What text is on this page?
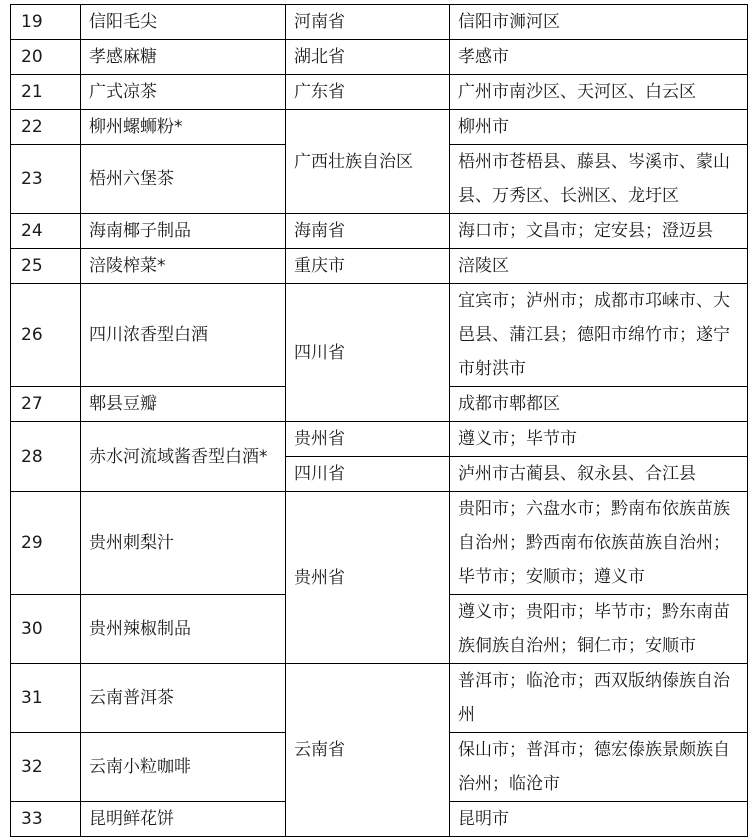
19	信阳毛尖	河南省	信阳市浉河区
20	孝感麻糖	湖北省	孝感市
21	广式凉茶	广东省	广州市南沙区、天河区、白云区
22	柳州螺蛳粉*	广西壮族自治区	柳州市
23	梧州六堡茶		梧州市苍梧县、藤县、岑溪市、蒙山县、万秀区、长洲区、龙圩区
24	海南椰子制品	海南省	海口市；文昌市；定安县；澄迈县
25	涪陵榨菜*	重庆市	涪陵区
26	四川浓香型白酒	四川省	宜宾市；泸州市；成都市邛崃市、大邑县、蒲江县；德阳市绵竹市；遂宁市射洪市
27	郫县豆瓣		成都市郫都区
28	赤水河流域酱香型白酒*	贵州省	遵义市；毕节市
		四川省	泸州市古蔺县、叙永县、合江县
29	贵州刺梨汁	贵州省	贵阳市；六盘水市；黔南布依族苗族自治州；黔西南布依族苗族自治州；毕节市；安顺市；遵义市
30	贵州辣椒制品		遵义市；贵阳市；毕节市；黔东南苗族侗族自治州；铜仁市；安顺市
31	云南普洱茶	云南省	普洱市；临沧市；西双版纳傣族自治州
32	云南小粒咖啡		保山市；普洱市；德宏傣族景颇族自治州；临沧市
33	昆明鲜花饼		昆明市
